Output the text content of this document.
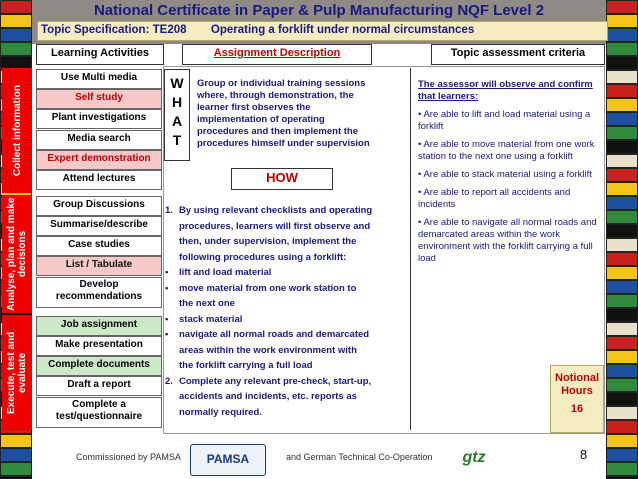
National Certificate in Paper & Pulp Manufacturing NQF Level 2
Topic Specification: TE208 Operating a forklift under normal circumstances
Learning Activities	Assignment Description	Topic assessment criteria
Collect information
Analyse, plan and make decisions
Execute, test and evaluate
Use Multi media
Self study
Plant investigations
Media search
Expert demonstration
Attend lectures
Group Discussions
Summarise/describe
Case studies
List / Tabulate
Develop recommendations
Job assignment
Make presentation
Complete documents
Draft a report
Complete a test/questionnaire
W
H
A
T
Group or individual training sessions where, through demonstration, the learner first observes the implementation of operating procedures and then implement the procedures himself under supervision
HOW
1. By using relevant checklists and operating
procedures, learners will first observe and
then, under supervision, implement the
following procedures using a forklift:
•	lift and load material
•	move material from one work station to
the next one
•	stack material
•	navigate all normal roads and demarcated
areas within the work environment with
the forklift carrying a full load
2. Complete any relevant pre-check, start-up,
accidents and incidents, etc. reports as
normally required.
The assessor will observe and confirm that learners:
• Are able to lift and load material using a forklift
• Are able to move material from one work station to the next one using a forklift
• Are able to stack material using a forklift
• Are able to report all accidents and incidents
• Are able to navigate all normal roads and demarcated areas within the work environment with the forklift carrying a full load
Notional
Hours
16
Commissioned by PAMSA	PAMSA	and German Technical Co-Operation	gtz	8
